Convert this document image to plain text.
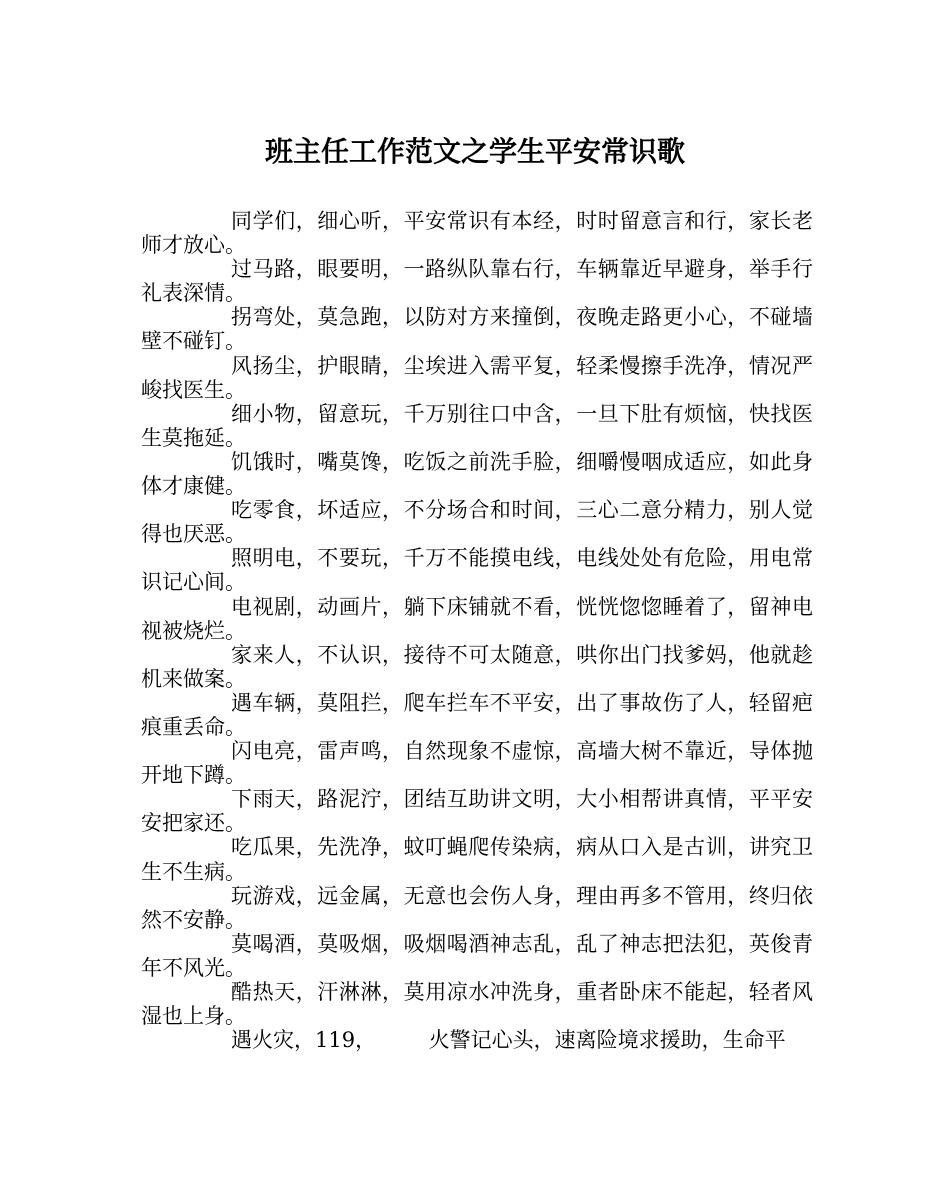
班主任工作范文之学生平安常识歌

同学们，细心听，平安常识有本经，时时留意言和行，家长老师才放心。

过马路，眼要明，一路纵队靠右行，车辆靠近早避身，举手行礼表深情。

拐弯处，莫急跑，以防对方来撞倒，夜晚走路更小心，不碰墙壁不碰钉。

风扬尘，护眼睛，尘埃进入需平复，轻柔慢擦手洗净，情况严峻找医生。

细小物，留意玩，千万别往口中含，一旦下肚有烦恼，快找医生莫拖延。

饥饿时，嘴莫馋，吃饭之前洗手脸，细嚼慢咽成适应，如此身体才康健。

吃零食，坏适应，不分场合和时间，三心二意分精力，别人觉得也厌恶。

照明电，不要玩，千万不能摸电线，电线处处有危险，用电常识记心间。

电视剧，动画片，躺下床铺就不看，恍恍惚惚睡着了，留神电视被烧烂。

家来人，不认识，接待不可太随意，哄你出门找爹妈，他就趁机来做案。

遇车辆，莫阻拦，爬车拦车不平安，出了事故伤了人，轻留疤痕重丢命。

闪电亮，雷声鸣，自然现象不虚惊，高墙大树不靠近，导体抛开地下蹲。

下雨天，路泥泞，团结互助讲文明，大小相帮讲真情，平平安安把家还。

吃瓜果，先洗净，蚊叮蝇爬传染病，病从口入是古训，讲究卫生不生病。

玩游戏，远金属，无意也会伤人身，理由再多不管用，终归依然不安静。

莫喝酒，莫吸烟，吸烟喝酒神志乱，乱了神志把法犯，英俊青年不风光。

酷热天，汗淋淋，莫用凉水冲洗身，重者卧床不能起，轻者风湿也上身。

遇火灾，119，　　　火警记心头，速离险境求援助，生命平
